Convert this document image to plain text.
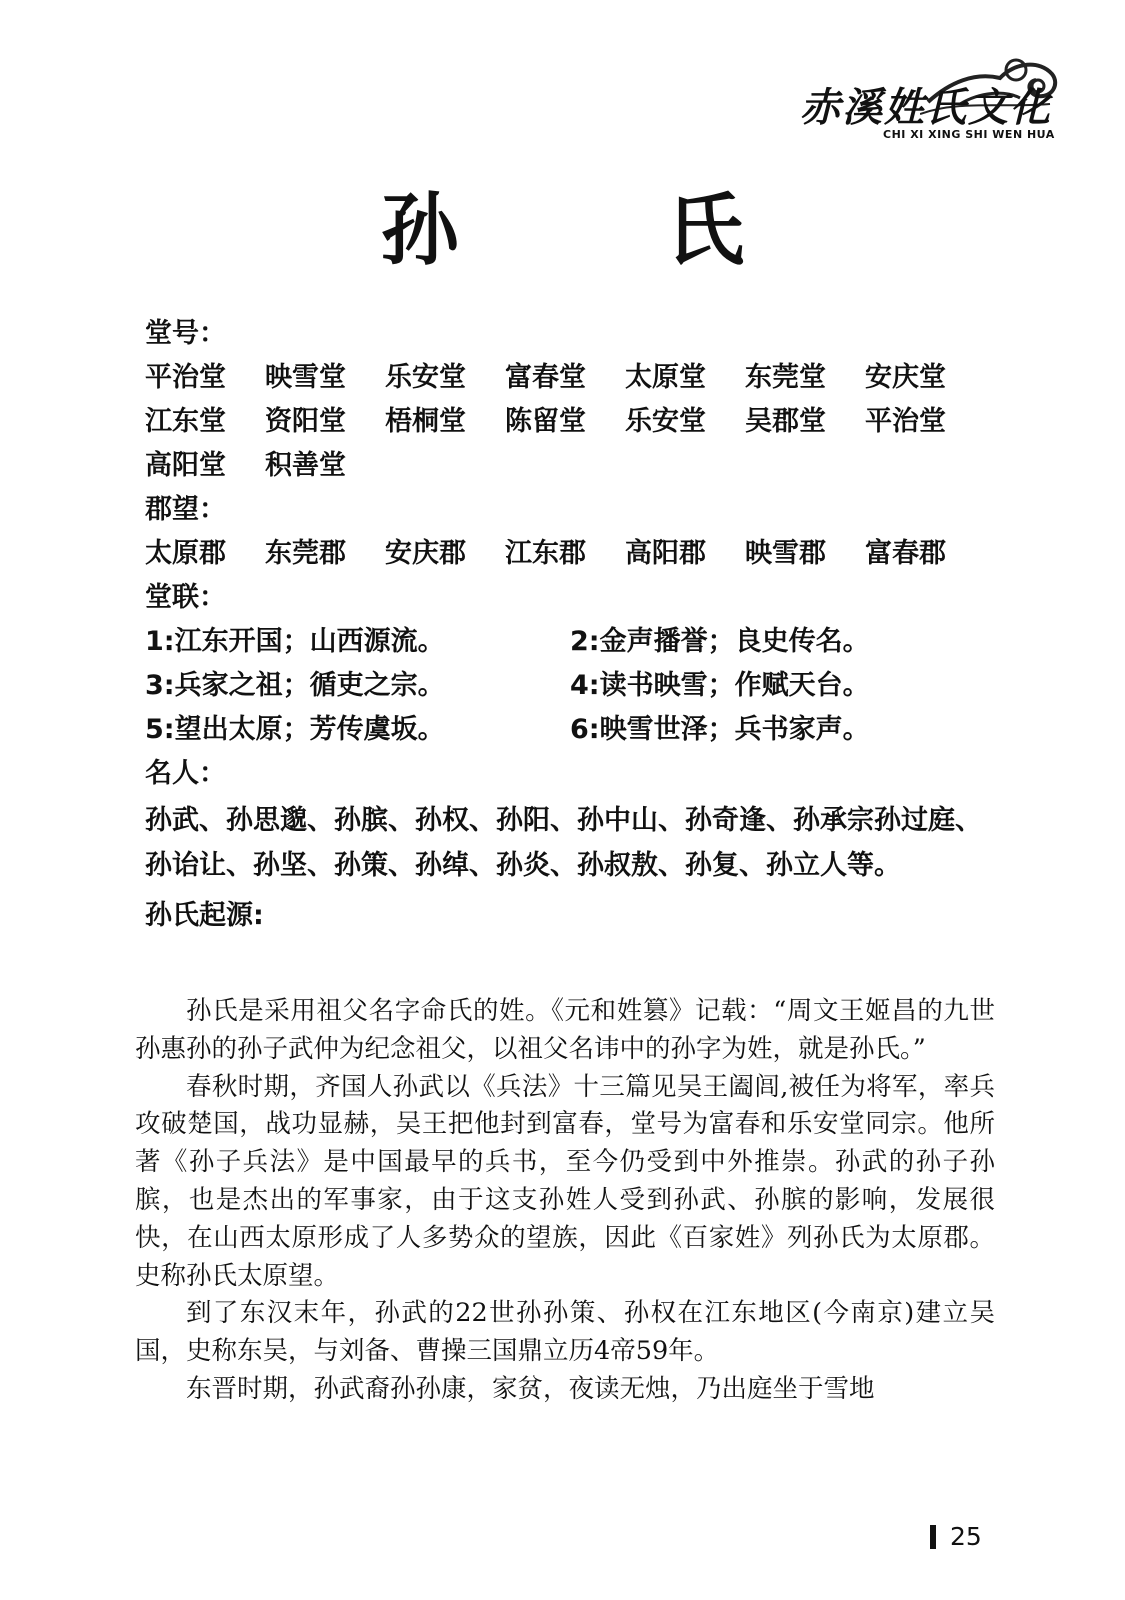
赤溪姓氏文化
CHI XI XING SHI WEN HUA
孙 氏
堂号：
平治堂	映雪堂	乐安堂	富春堂	太原堂	东莞堂	安庆堂
江东堂	资阳堂	梧桐堂	陈留堂	乐安堂	吴郡堂	平治堂
高阳堂	积善堂
郡望：
太原郡	东莞郡	安庆郡	江东郡	高阳郡	映雪郡	富春郡
堂联：
1:江东开国；山西源流。	2:金声播誉；良史传名。
3:兵家之祖；循吏之宗。	4:读书映雪；作赋天台。
5:望出太原；芳传虞坂。	6:映雪世泽；兵书家声。
名人：
孙武、孙思邈、孙膑、孙权、孙阳、孙中山、孙奇逢、孙承宗孙过庭、孙诒让、孙坚、孙策、孙绰、孙炎、孙叔敖、孙复、孙立人等。
孙氏起源:

孙氏是采用祖父名字命氏的姓。《元和姓篡》记载：“周文王姬昌的九世孙惠孙的孙子武仲为纪念祖父，以祖父名讳中的孙字为姓，就是孙氏。”

春秋时期，齐国人孙武以《兵法》十三篇见吴王阖闾,被任为将军，率兵攻破楚国，战功显赫，吴王把他封到富春，堂号为富春和乐安堂同宗。他所著《孙子兵法》是中国最早的兵书，至今仍受到中外推崇。孙武的孙子孙膑，也是杰出的军事家，由于这支孙姓人受到孙武、孙膑的影响，发展很快，在山西太原形成了人多势众的望族，因此《百家姓》列孙氏为太原郡。史称孙氏太原望。

到了东汉末年，孙武的22世孙孙策、孙权在江东地区(今南京)建立吴国，史称东吴，与刘备、曹操三国鼎立历4帝59年。

东晋时期，孙武裔孙孙康，家贫，夜读无烛，乃出庭坐于雪地

25
